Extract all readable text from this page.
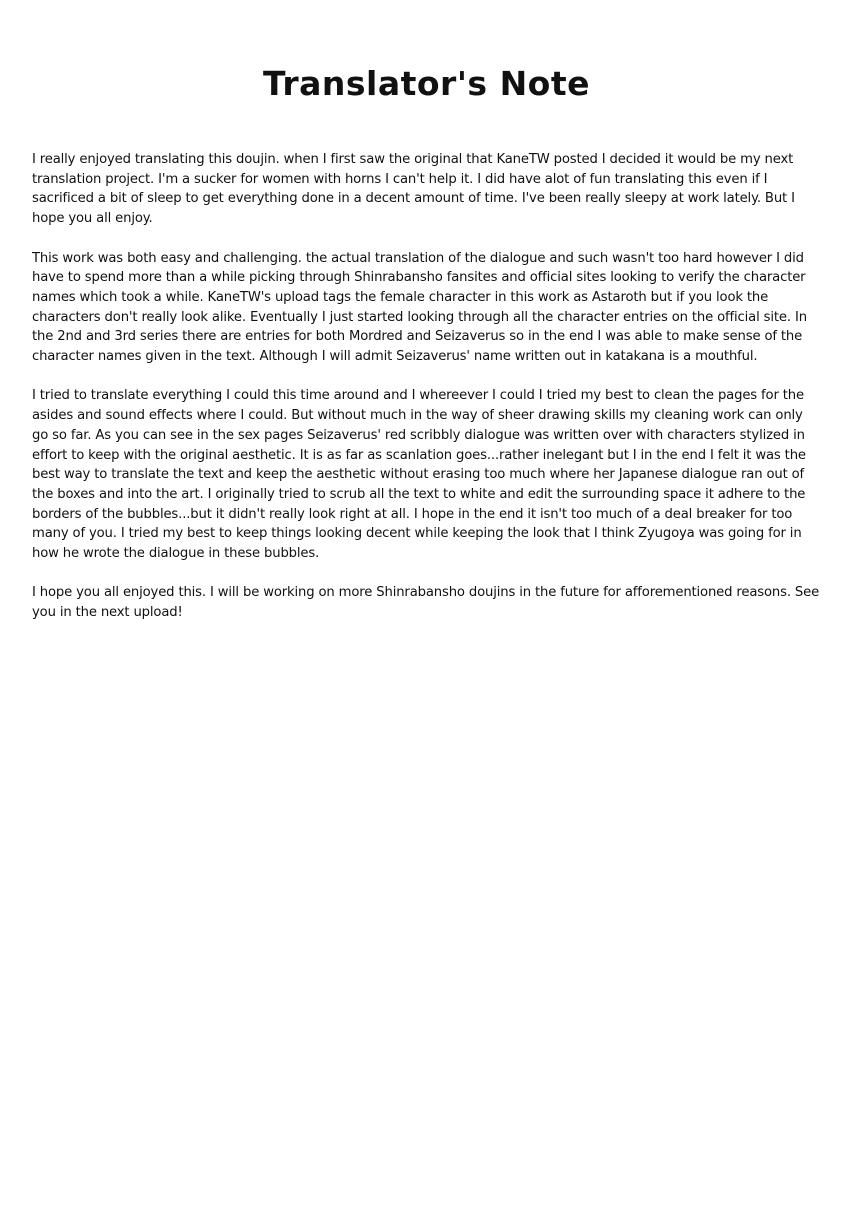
Translator's Note

I really enjoyed translating this doujin. when I first saw the original that KaneTW posted I decided it would be my next translation project. I'm a sucker for women with horns I can't help it. I did have alot of fun translating this even if I sacrificed a bit of sleep to get everything done in a decent amount of time. I've been really sleepy at work lately. But I hope you all enjoy.

This work was both easy and challenging. the actual translation of the dialogue and such wasn't too hard however I did have to spend more than a while picking through Shinrabansho fansites and official sites looking to verify the character names which took a while. KaneTW's upload tags the female character in this work as Astaroth but if you look the characters don't really look alike. Eventually I just started looking through all the character entries on the official site. In the 2nd and 3rd series there are entries for both Mordred and Seizaverus so in the end I was able to make sense of the character names given in the text. Although I will admit Seizaverus' name written out in katakana is a mouthful.

I tried to translate everything I could this time around and I whereever I could I tried my best to clean the pages for the asides and sound effects where I could. But without much in the way of sheer drawing skills my cleaning work can only go so far. As you can see in the sex pages Seizaverus' red scribbly dialogue was written over with characters stylized in effort to keep with the original aesthetic. It is as far as scanlation goes...rather inelegant but I in the end I felt it was the best way to translate the text and keep the aesthetic without erasing too much where her Japanese dialogue ran out of the boxes and into the art. I originally tried to scrub all the text to white and edit the surrounding space it adhere to the borders of the bubbles...but it didn't really look right at all. I hope in the end it isn't too much of a deal breaker for too many of you. I tried my best to keep things looking decent while keeping the look that I think Zyugoya was going for in how he wrote the dialogue in these bubbles.

I hope you all enjoyed this. I will be working on more Shinrabansho doujins in the future for afforementioned reasons. See you in the next upload!
